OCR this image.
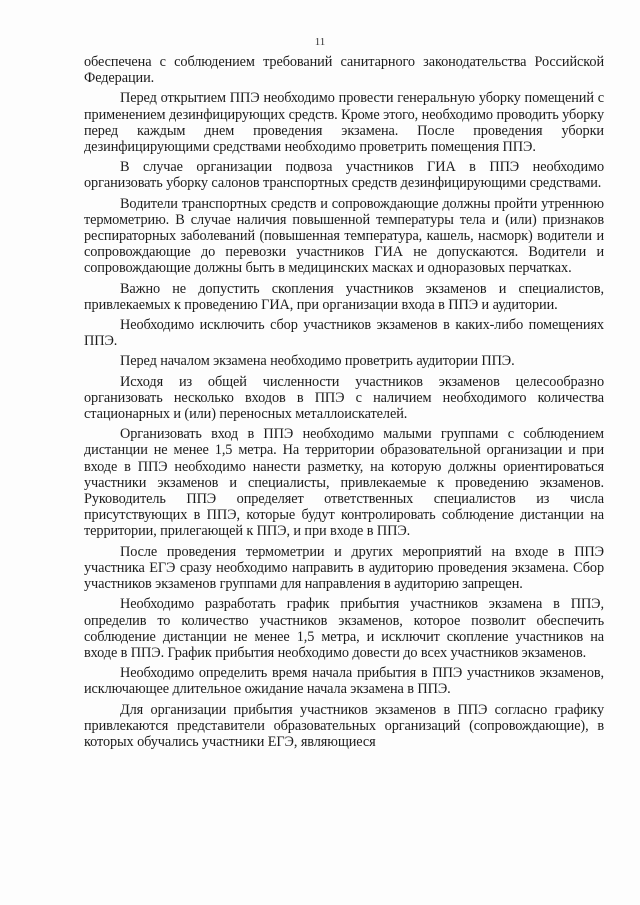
11

обеспечена с соблюдением требований санитарного законодательства Российской Федерации.

Перед открытием ППЭ необходимо провести генеральную уборку помещений с применением дезинфицирующих средств. Кроме этого, необходимо проводить уборку перед каждым днем проведения экзамена. После проведения уборки дезинфицирующими средствами необходимо проветрить помещения ППЭ.

В случае организации подвоза участников ГИА в ППЭ необходимо организовать уборку салонов транспортных средств дезинфицирующими средствами.

Водители транспортных средств и сопровождающие должны пройти утреннюю термометрию. В случае наличия повышенной температуры тела и (или) признаков респираторных заболеваний (повышенная температура, кашель, насморк) водители и сопровождающие до перевозки участников ГИА не допускаются. Водители и сопровождающие должны быть в медицинских масках и одноразовых перчатках.

Важно не допустить скопления участников экзаменов и специалистов, привлекаемых к проведению ГИА, при организации входа в ППЭ и аудитории.

Необходимо исключить сбор участников экзаменов в каких-либо помещениях ППЭ.

Перед началом экзамена необходимо проветрить аудитории ППЭ.

Исходя из общей численности участников экзаменов целесообразно организовать несколько входов в ППЭ с наличием необходимого количества стационарных и (или) переносных металлоискателей.

Организовать вход в ППЭ необходимо малыми группами с соблюдением дистанции не менее 1,5 метра. На территории образовательной организации и при входе в ППЭ необходимо нанести разметку, на которую должны ориентироваться участники экзаменов и специалисты, привлекаемые к проведению экзаменов. Руководитель ППЭ определяет ответственных специалистов из числа присутствующих в ППЭ, которые будут контролировать соблюдение дистанции на территории, прилегающей к ППЭ, и при входе в ППЭ.

После проведения термометрии и других мероприятий на входе в ППЭ участника ЕГЭ сразу необходимо направить в аудиторию проведения экзамена. Сбор участников экзаменов группами для направления в аудиторию запрещен.

Необходимо разработать график прибытия участников экзамена в ППЭ, определив то количество участников экзаменов, которое позволит обеспечить соблюдение дистанции не менее 1,5 метра, и исключит скопление участников на входе в ППЭ. График прибытия необходимо довести до всех участников экзаменов.

Необходимо определить время начала прибытия в ППЭ участников экзаменов, исключающее длительное ожидание начала экзамена в ППЭ.

Для организации прибытия участников экзаменов в ППЭ согласно графику привлекаются представители образовательных организаций (сопровождающие), в которых обучались участники ЕГЭ, являющиеся
